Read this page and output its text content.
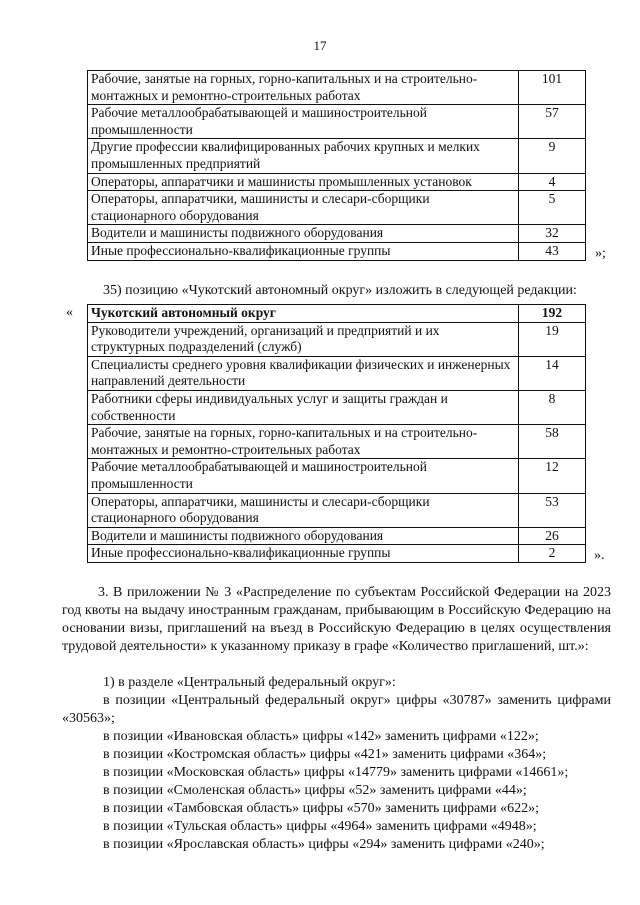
17
Рабочие, занятые на горных, горно-капитальных и на строительно-монтажных и ремонтно-строительных работах	101
Рабочие металлообрабатывающей и машиностроительной промышленности	57
Другие профессии квалифицированных рабочих крупных и мелких промышленных предприятий	9
Операторы, аппаратчики и машинисты промышленных установок	4
Операторы, аппаратчики, машинисты и слесари-сборщики стационарного оборудования	5
Водители и машинисты подвижного оборудования	32
Иные профессионально-квалификационные группы	43	»;
35) позицию «Чукотский автономный округ» изложить в следующей редакции:
« Чукотский автономный округ	192
Руководители учреждений, организаций и предприятий и их структурных подразделений (служб)	19
Специалисты среднего уровня квалификации физических и инженерных направлений деятельности	14
Работники сферы индивидуальных услуг и защиты граждан и собственности	8
Рабочие, занятые на горных, горно-капитальных и на строительно-монтажных и ремонтно-строительных работах	58
Рабочие металлообрабатывающей и машиностроительной промышленности	12
Операторы, аппаратчики, машинисты и слесари-сборщики стационарного оборудования	53
Водители и машинисты подвижного оборудования	26
Иные профессионально-квалификационные группы	2	».
3. В приложении № 3 «Распределение по субъектам Российской Федерации на 2023 год квоты на выдачу иностранным гражданам, прибывающим в Российскую Федерацию на основании визы, приглашений на въезд в Российскую Федерацию в целях осуществления трудовой деятельности» к указанному приказу в графе «Количество приглашений, шт.»:
1) в разделе «Центральный федеральный округ»:
в позиции «Центральный федеральный округ» цифры «30787» заменить цифрами «30563»;
в позиции «Ивановская область» цифры «142» заменить цифрами «122»;
в позиции «Костромская область» цифры «421» заменить цифрами «364»;
в позиции «Московская область» цифры «14779» заменить цифрами «14661»;
в позиции «Смоленская область» цифры «52» заменить цифрами «44»;
в позиции «Тамбовская область» цифры «570» заменить цифрами «622»;
в позиции «Тульская область» цифры «4964» заменить цифрами «4948»;
в позиции «Ярославская область» цифры «294» заменить цифрами «240»;
